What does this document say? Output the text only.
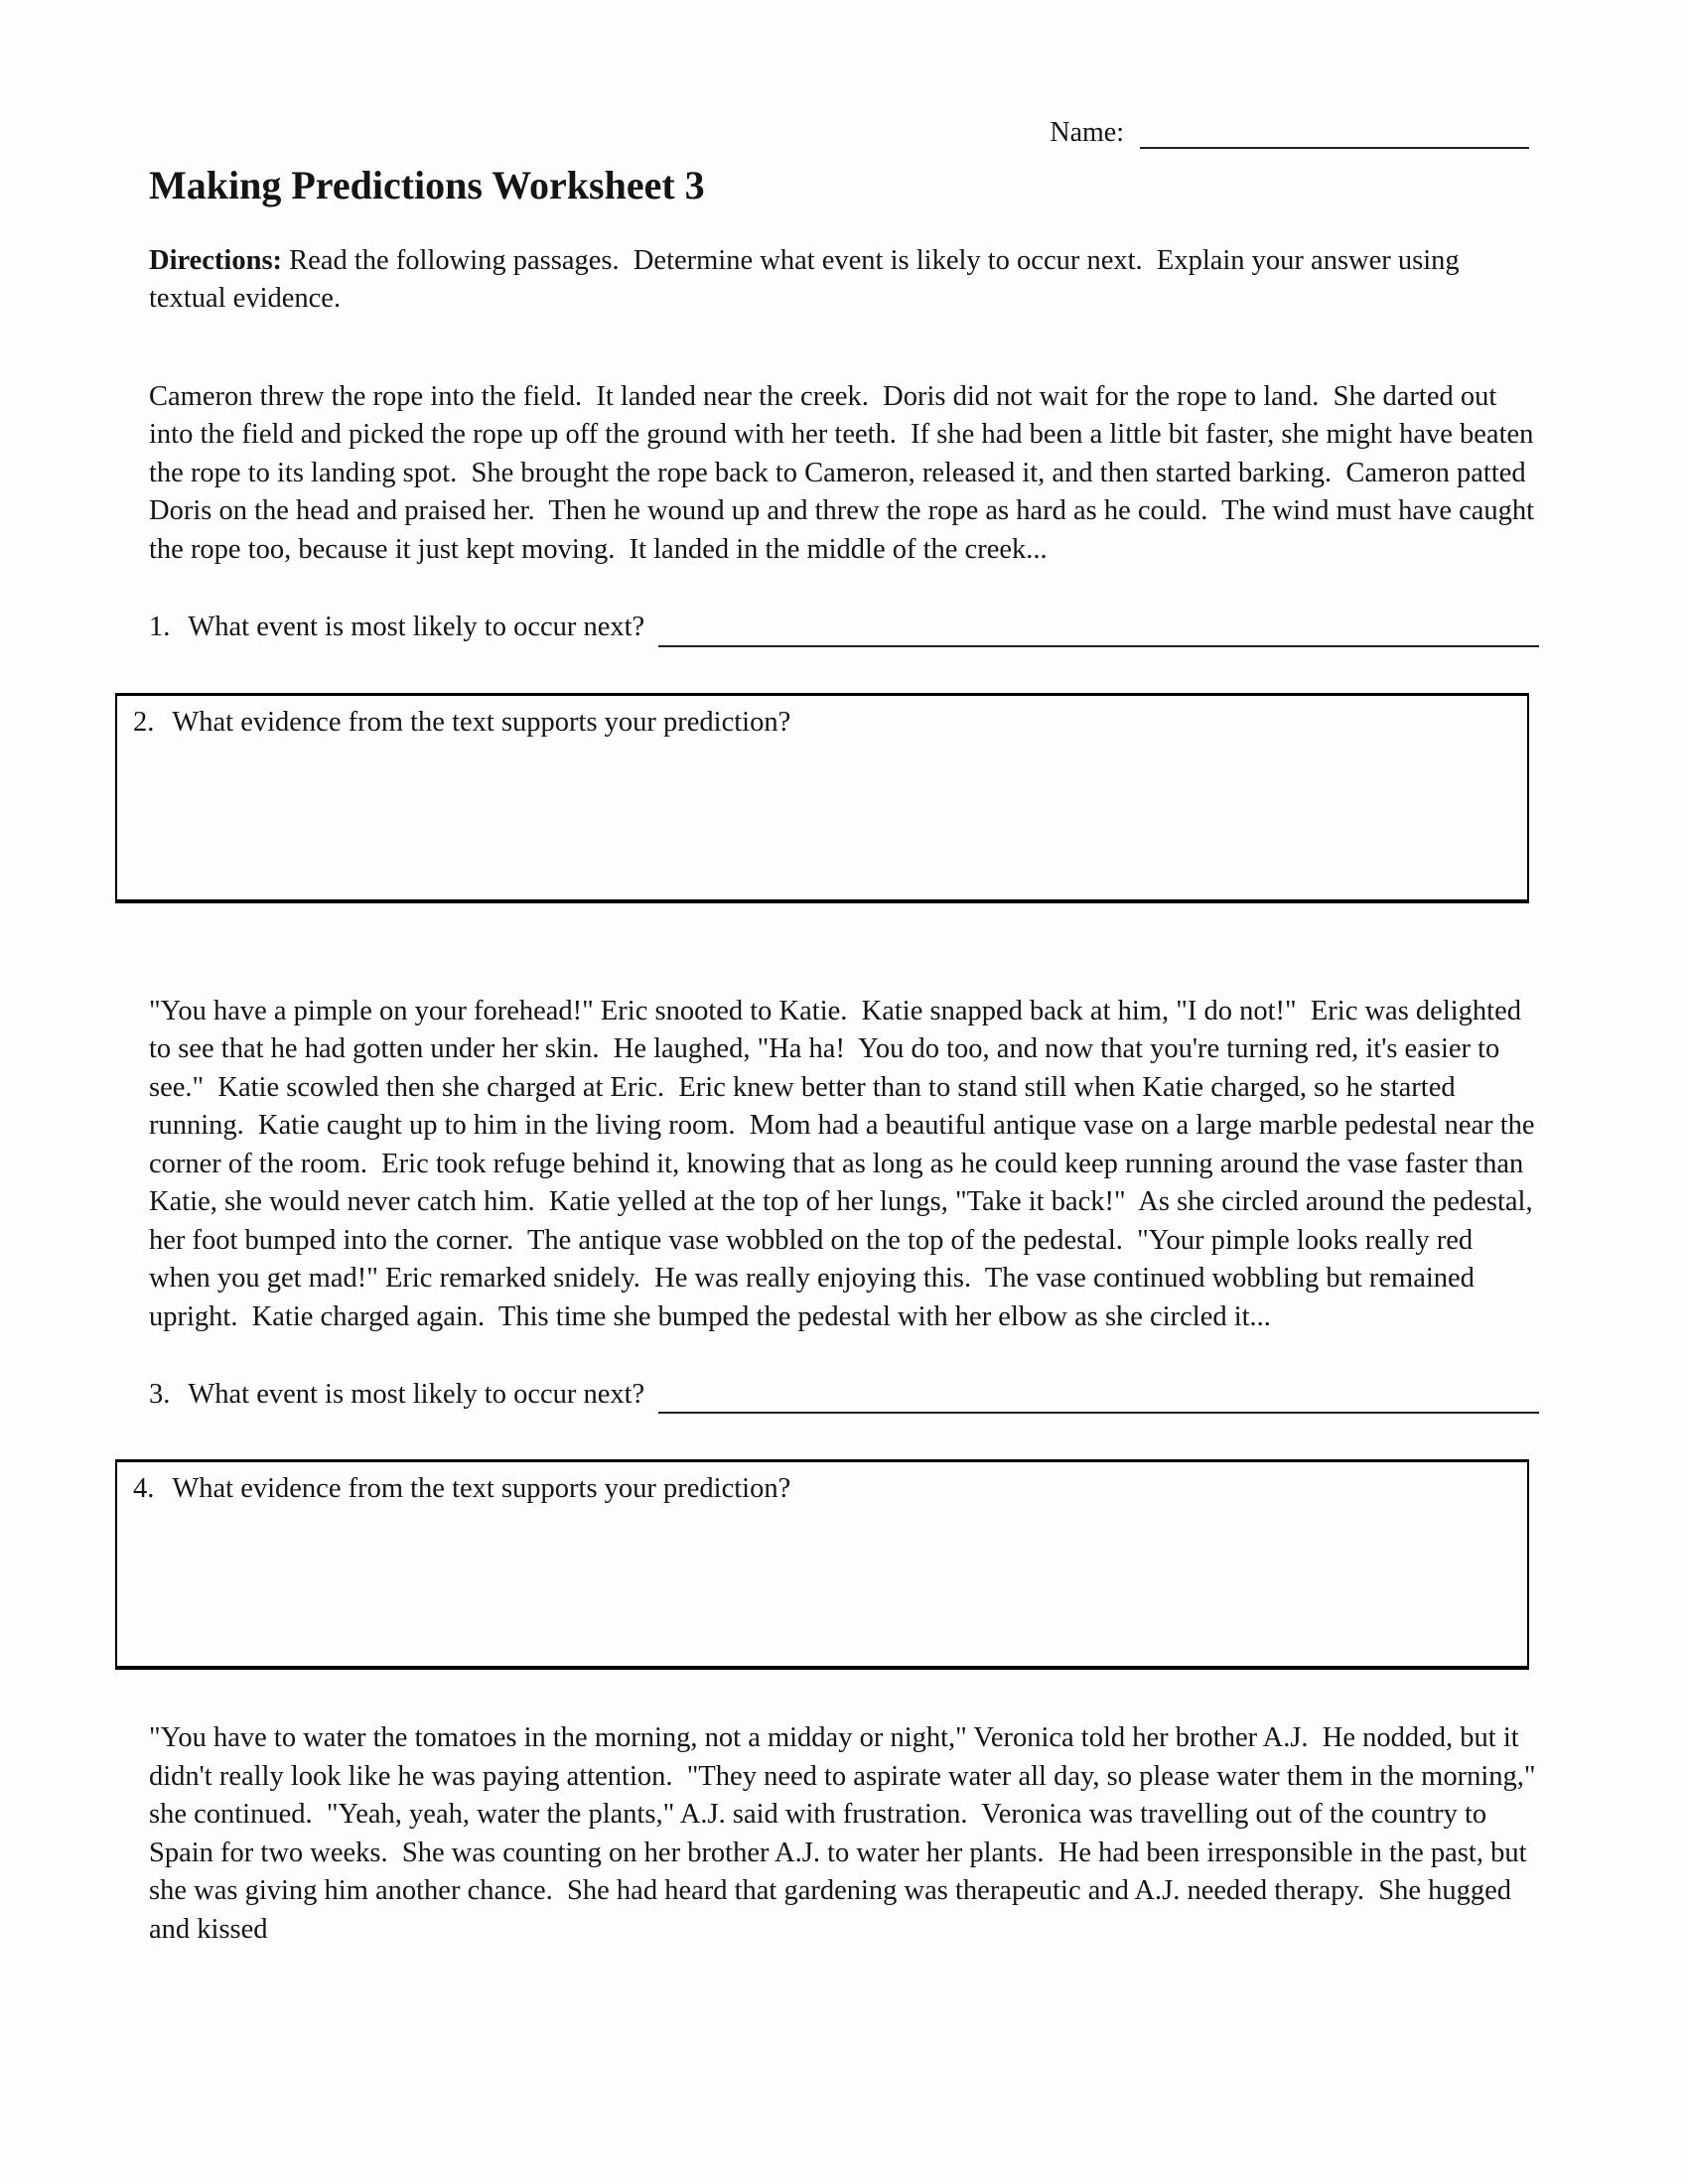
Name:
Making Predictions Worksheet 3

Directions: Read the following passages.  Determine what event is likely to occur next.  Explain your answer using textual evidence.

Cameron threw the rope into the field.  It landed near the creek.  Doris did not wait for the rope to land.  She darted out into the field and picked the rope up off the ground with her teeth.  If she had been a little bit faster, she might have beaten the rope to its landing spot.  She brought the rope back to Cameron, released it, and then started barking.  Cameron patted Doris on the head and praised her.  Then he wound up and threw the rope as hard as he could.  The wind must have caught the rope too, because it just kept moving.  It landed in the middle of the creek...

1. What event is most likely to occur next?
2. What evidence from the text supports your prediction?

"You have a pimple on your forehead!" Eric snooted to Katie.  Katie snapped back at him, "I do not!"  Eric was delighted to see that he had gotten under her skin.  He laughed, "Ha ha!  You do too, and now that you're turning red, it's easier to see."  Katie scowled then she charged at Eric.  Eric knew better than to stand still when Katie charged, so he started running.  Katie caught up to him in the living room.  Mom had a beautiful antique vase on a large marble pedestal near the corner of the room.  Eric took refuge behind it, knowing that as long as he could keep running around the vase faster than Katie, she would never catch him.  Katie yelled at the top of her lungs, "Take it back!"  As she circled around the pedestal, her foot bumped into the corner.  The antique vase wobbled on the top of the pedestal.  "Your pimple looks really red when you get mad!" Eric remarked snidely.  He was really enjoying this.  The vase continued wobbling but remained upright.  Katie charged again.  This time she bumped the pedestal with her elbow as she circled it...

3. What event is most likely to occur next?
4. What evidence from the text supports your prediction?

"You have to water the tomatoes in the morning, not a midday or night," Veronica told her brother A.J.  He nodded, but it didn't really look like he was paying attention.  "They need to aspirate water all day, so please water them in the morning," she continued.  "Yeah, yeah, water the plants," A.J. said with frustration.  Veronica was travelling out of the country to Spain for two weeks.  She was counting on her brother A.J. to water her plants.  He had been irresponsible in the past, but she was giving him another chance.  She had heard that gardening was therapeutic and A.J. needed therapy.  She hugged and kissed
